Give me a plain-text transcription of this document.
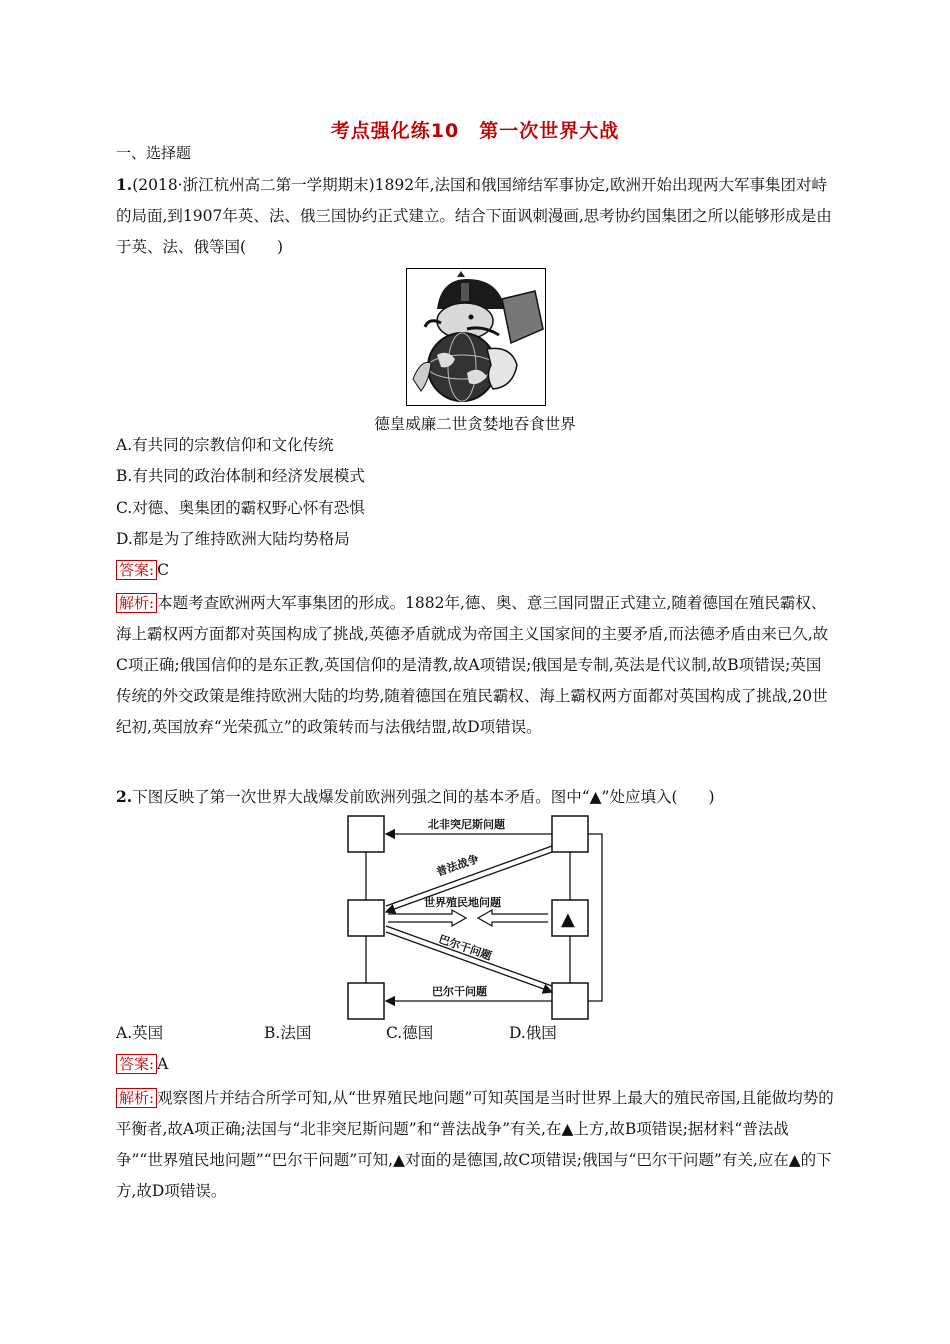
考点强化练10　第一次世界大战
一、选择题
1.(2018·浙江杭州高二第一学期期末)1892年,法国和俄国缔结军事协定,欧洲开始出现两大军事集团对峙的局面,到1907年英、法、俄三国协约正式建立。结合下面讽刺漫画,思考协约国集团之所以能够形成是由于英、法、俄等国(　　)
德皇威廉二世贪婪地吞食世界
A.有共同的宗教信仰和文化传统
B.有共同的政治体制和经济发展模式
C.对德、奥集团的霸权野心怀有恐惧
D.都是为了维持欧洲大陆均势格局
答案: C
解析: 本题考查欧洲两大军事集团的形成。1882年,德、奥、意三国同盟正式建立,随着德国在殖民霸权、海上霸权两方面都对英国构成了挑战,英德矛盾就成为帝国主义国家间的主要矛盾,而法德矛盾由来已久,故C项正确;俄国信仰的是东正教,英国信仰的是清教,故A项错误;俄国是专制,英法是代议制,故B项错误;英国传统的外交政策是维持欧洲大陆的均势,随着德国在殖民霸权、海上霸权两方面都对英国构成了挑战,20世纪初,英国放弃“光荣孤立”的政策转而与法俄结盟,故D项错误。
2.下图反映了第一次世界大战爆发前欧洲列强之间的基本矛盾。图中“▲”处应填入(　　)
北非突尼斯问题
普法战争
世界殖民地问题
▲
巴尔干问题
巴尔干问题
A.英国	B.法国	C.德国	D.俄国
答案: A
解析: 观察图片并结合所学可知,从“世界殖民地问题”可知英国是当时世界上最大的殖民帝国,且能做均势的平衡者,故A项正确;法国与“北非突尼斯问题”和“普法战争”有关,在▲上方,故B项错误;据材料“普法战争”“世界殖民地问题”“巴尔干问题”可知,▲对面的是德国,故C项错误;俄国与“巴尔干问题”有关,应在▲的下方,故D项错误。
